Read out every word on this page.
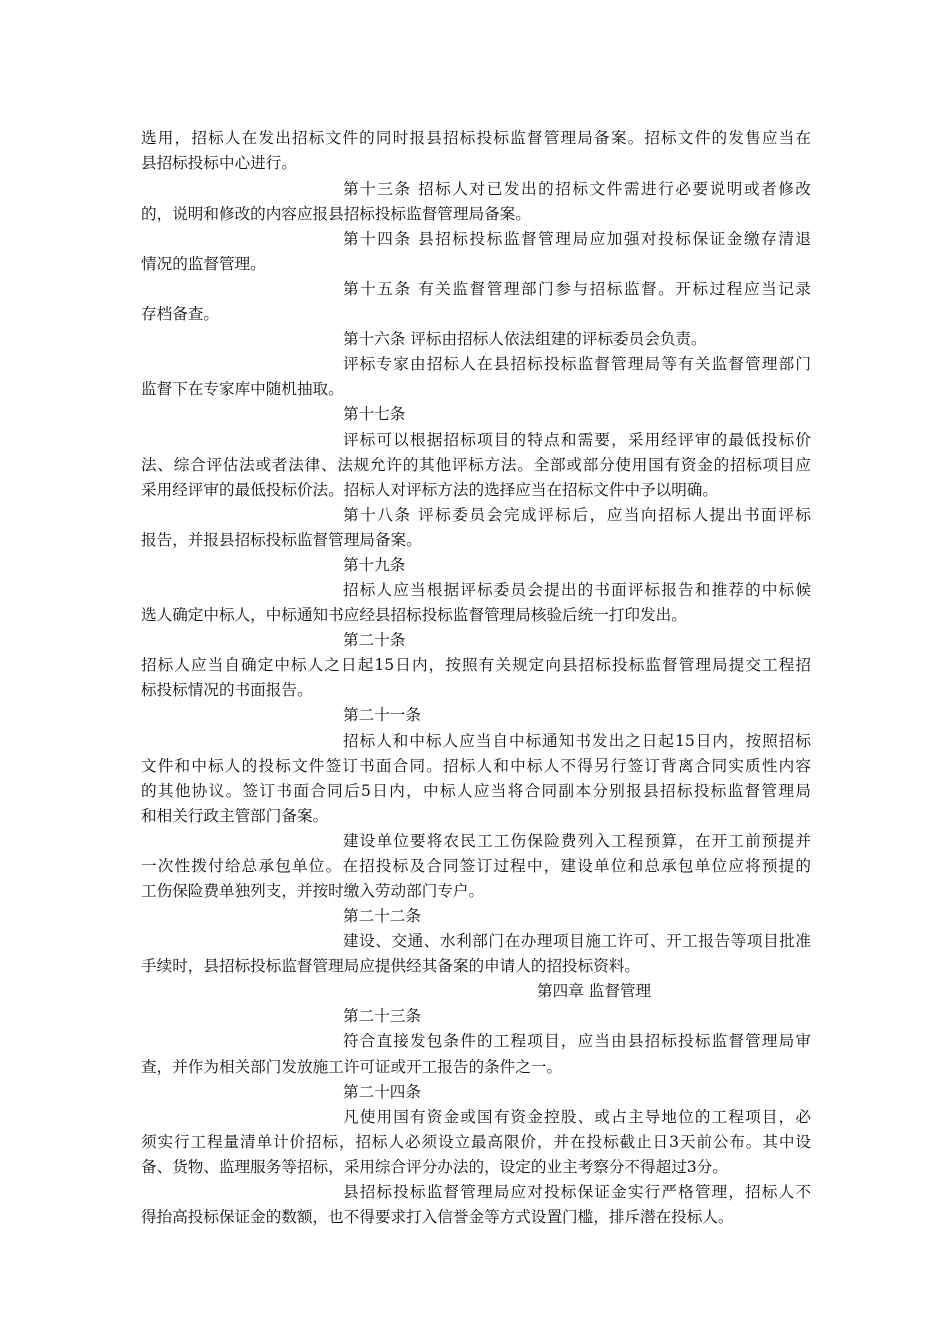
选用，招标人在发出招标文件的同时报县招标投标监督管理局备案。招标文件的发售应当在
县招标投标中心进行。
第十三条 招标人对已发出的招标文件需进行必要说明或者修改
的，说明和修改的内容应报县招标投标监督管理局备案。
第十四条 县招标投标监督管理局应加强对投标保证金缴存清退
情况的监督管理。
第十五条 有关监督管理部门参与招标监督。开标过程应当记录
存档备查。
第十六条 评标由招标人依法组建的评标委员会负责。
评标专家由招标人在县招标投标监督管理局等有关监督管理部门
监督下在专家库中随机抽取。
第十七条
评标可以根据招标项目的特点和需要，采用经评审的最低投标价
法、综合评估法或者法律、法规允许的其他评标方法。全部或部分使用国有资金的招标项目应
采用经评审的最低投标价法。招标人对评标方法的选择应当在招标文件中予以明确。
第十八条 评标委员会完成评标后，应当向招标人提出书面评标
报告，并报县招标投标监督管理局备案。
第十九条
招标人应当根据评标委员会提出的书面评标报告和推荐的中标候
选人确定中标人，中标通知书应经县招标投标监督管理局核验后统一打印发出。
第二十条
招标人应当自确定中标人之日起15日内，按照有关规定向县招标投标监督管理局提交工程招
标投标情况的书面报告。
第二十一条
招标人和中标人应当自中标通知书发出之日起15日内，按照招标
文件和中标人的投标文件签订书面合同。招标人和中标人不得另行签订背离合同实质性内容
的其他协议。签订书面合同后5日内，中标人应当将合同副本分别报县招标投标监督管理局
和相关行政主管部门备案。
建设单位要将农民工工伤保险费列入工程预算，在开工前预提并
一次性拨付给总承包单位。在招投标及合同签订过程中，建设单位和总承包单位应将预提的
工伤保险费单独列支，并按时缴入劳动部门专户。
第二十二条
建设、交通、水利部门在办理项目施工许可、开工报告等项目批准
手续时，县招标投标监督管理局应提供经其备案的申请人的招投标资料。
第四章 监督管理
第二十三条
符合直接发包条件的工程项目，应当由县招标投标监督管理局审
查，并作为相关部门发放施工许可证或开工报告的条件之一。
第二十四条
凡使用国有资金或国有资金控股、或占主导地位的工程项目，必
须实行工程量清单计价招标，招标人必须设立最高限价，并在投标截止日3天前公布。其中设
备、货物、监理服务等招标，采用综合评分办法的，设定的业主考察分不得超过3分。
县招标投标监督管理局应对投标保证金实行严格管理，招标人不
得抬高投标保证金的数额，也不得要求打入信誉金等方式设置门槛，排斥潜在投标人。
